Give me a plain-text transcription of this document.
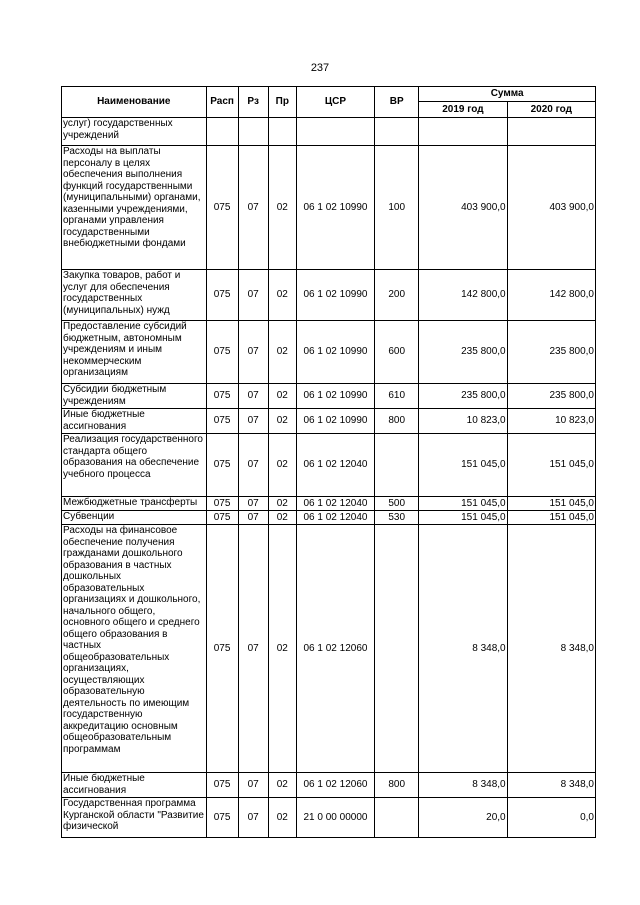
237
Наименование	Расп	Рз	Пр	ЦСР	ВР	Сумма	
						2019 год	2020 год
услуг) государственных учреждений							
Расходы на выплаты персоналу в целях обеспечения выполнения функций государственными (муниципальными) органами, казенными учреждениями, органами управления государственными внебюджетными фондами	075	07	02	06 1 02 10990	100	403 900,0	403 900,0
Закупка товаров, работ и услуг для обеспечения государственных (муниципальных) нужд	075	07	02	06 1 02 10990	200	142 800,0	142 800,0
Предоставление субсидий бюджетным, автономным учреждениям и иным некоммерческим организациям	075	07	02	06 1 02 10990	600	235 800,0	235 800,0
Субсидии бюджетным учреждениям	075	07	02	06 1 02 10990	610	235 800,0	235 800,0
Иные бюджетные ассигнования	075	07	02	06 1 02 10990	800	10 823,0	10 823,0
Реализация государственного стандарта общего образования на обеспечение учебного процесса	075	07	02	06 1 02 12040		151 045,0	151 045,0
Межбюджетные трансферты	075	07	02	06 1 02 12040	500	151 045,0	151 045,0
Субвенции	075	07	02	06 1 02 12040	530	151 045,0	151 045,0
Расходы на финансовое обеспечение получения гражданами дошкольного образования в частных дошкольных образовательных организациях и дошкольного, начального общего, основного общего и среднего общего образования в частных общеобразовательных организациях, осуществляющих образовательную деятельность по имеющим государственную аккредитацию основным общеобразовательным программам	075	07	02	06 1 02 12060		8 348,0	8 348,0
Иные бюджетные ассигнования	075	07	02	06 1 02 12060	800	8 348,0	8 348,0
Государственная программа Курганской области "Развитие физической	075	07	02	21 0 00 00000		20,0	0,0
